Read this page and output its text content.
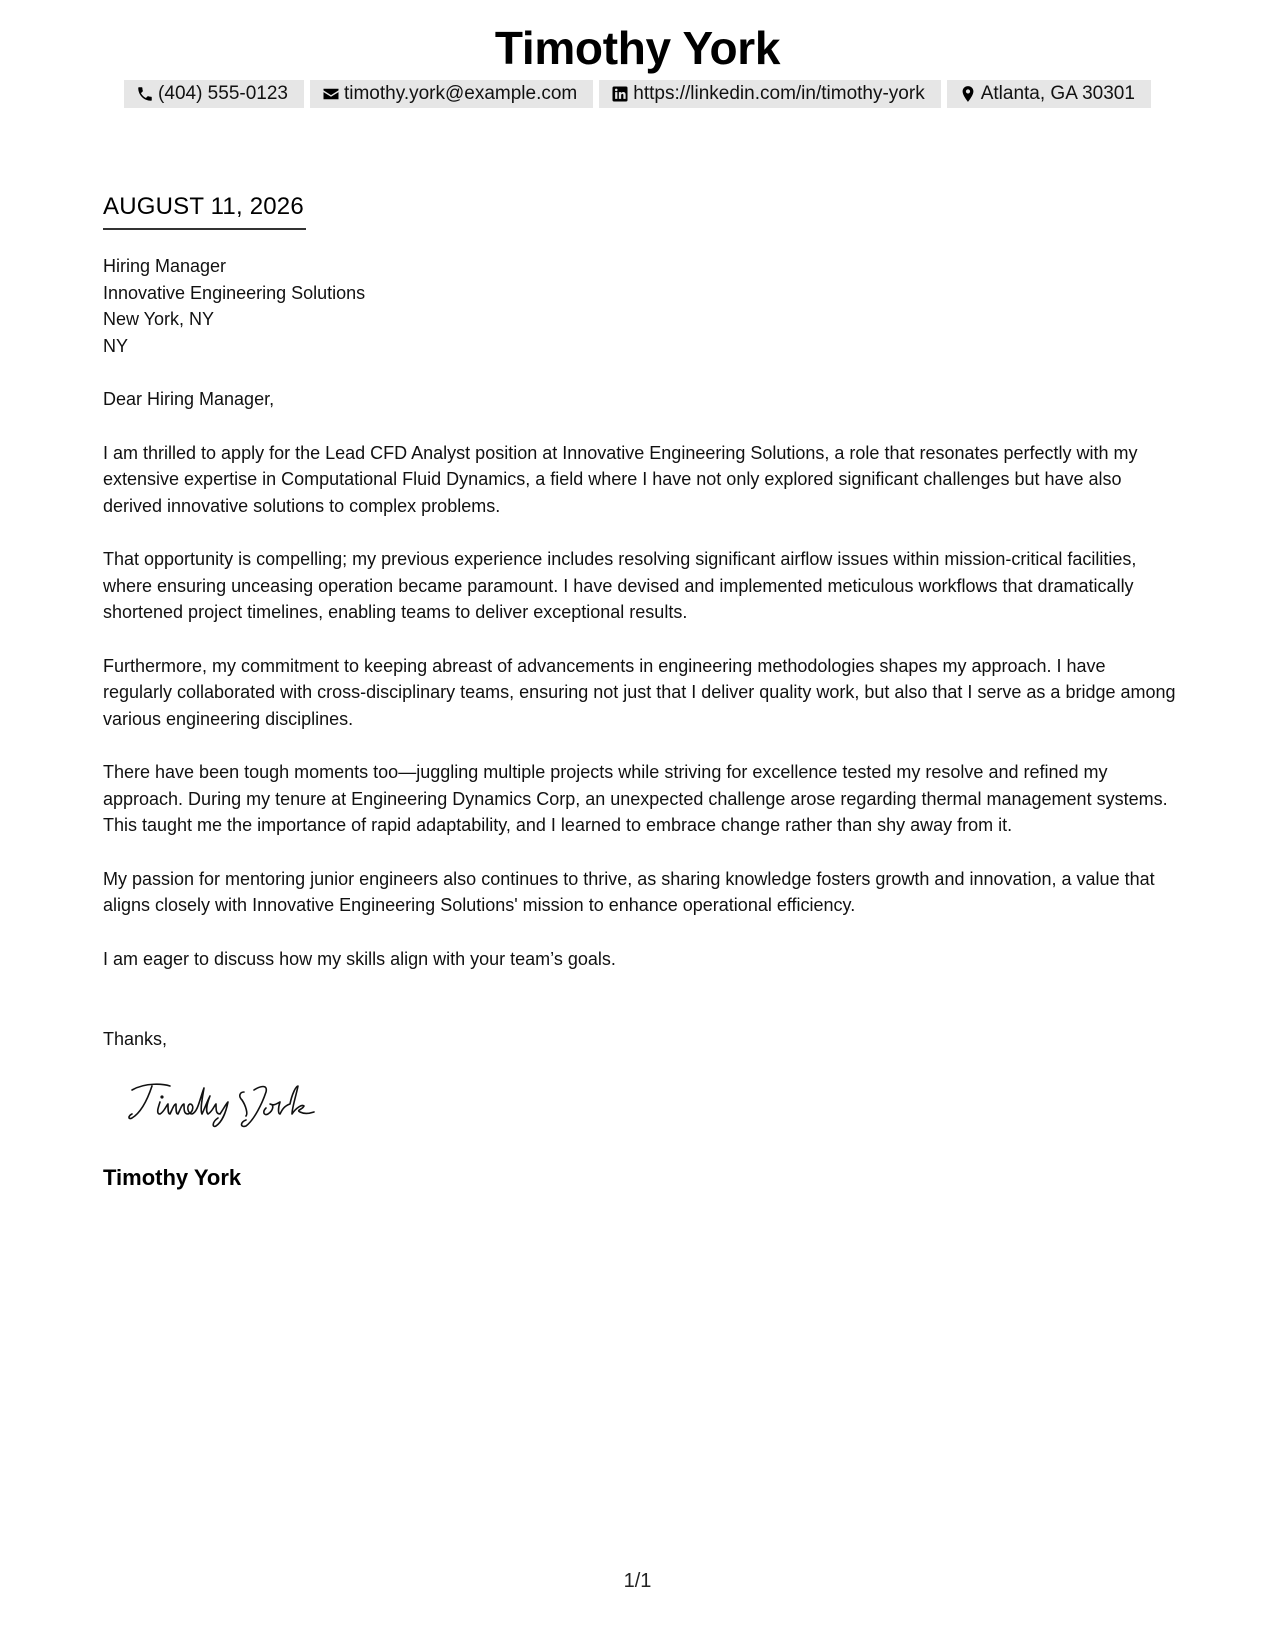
Timothy York
(404) 555-0123	timothy.york@example.com	https://linkedin.com/in/timothy-york	Atlanta, GA 30301
AUGUST 11, 2026
Hiring Manager
Innovative Engineering Solutions
New York, NY
NY

Dear Hiring Manager,

I am thrilled to apply for the Lead CFD Analyst position at Innovative Engineering Solutions, a role that resonates perfectly with my extensive expertise in Computational Fluid Dynamics, a field where I have not only explored significant challenges but have also derived innovative solutions to complex problems.

That opportunity is compelling; my previous experience includes resolving significant airflow issues within mission-critical facilities, where ensuring unceasing operation became paramount. I have devised and implemented meticulous workflows that dramatically shortened project timelines, enabling teams to deliver exceptional results.

Furthermore, my commitment to keeping abreast of advancements in engineering methodologies shapes my approach. I have regularly collaborated with cross-disciplinary teams, ensuring not just that I deliver quality work, but also that I serve as a bridge among various engineering disciplines.

There have been tough moments too—juggling multiple projects while striving for excellence tested my resolve and refined my approach. During my tenure at Engineering Dynamics Corp, an unexpected challenge arose regarding thermal management systems. This taught me the importance of rapid adaptability, and I learned to embrace change rather than shy away from it.

My passion for mentoring junior engineers also continues to thrive, as sharing knowledge fosters growth and innovation, a value that aligns closely with Innovative Engineering Solutions' mission to enhance operational efficiency.

I am eager to discuss how my skills align with your team’s goals.

Thanks,

Timothy York
1/1
